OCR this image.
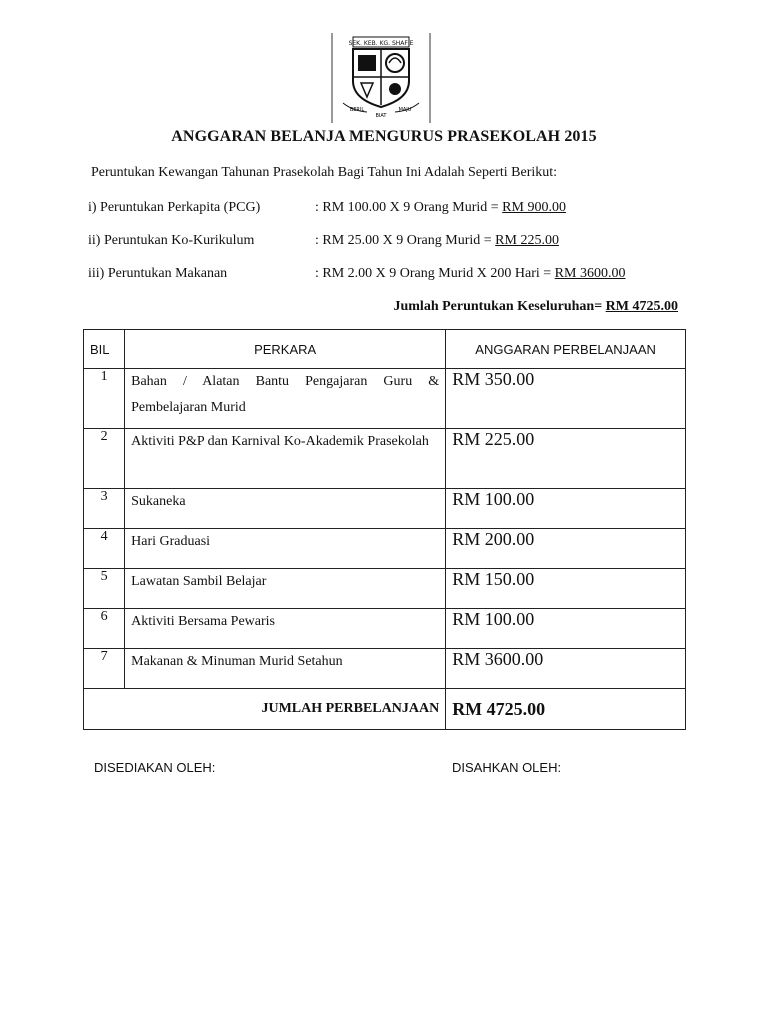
SEK. KEB. KG. SHAFIE
BERIL	MAJU
BIAT
ANGGARAN BELANJA MENGURUS PRASEKOLAH 2015
Peruntukan Kewangan Tahunan Prasekolah Bagi Tahun Ini Adalah Seperti Berikut:
i) Peruntukan Perkapita (PCG)	: RM 100.00 X 9 Orang Murid = RM 900.00
ii) Peruntukan Ko-Kurikulum	: RM 25.00 X 9 Orang Murid = RM 225.00
iii) Peruntukan Makanan	: RM 2.00 X 9 Orang Murid X 200 Hari = RM 3600.00
Jumlah Peruntukan Keseluruhan= RM 4725.00
BIL	PERKARA	ANGGARAN PERBELANJAAN
1	Bahan / Alatan Bantu Pengajaran Guru & Pembelajaran Murid	RM 350.00
2	Aktiviti P&P dan Karnival Ko-Akademik Prasekolah	RM 225.00
3	Sukaneka	RM 100.00
4	Hari Graduasi	RM 200.00
5	Lawatan Sambil Belajar	RM 150.00
6	Aktiviti Bersama Pewaris	RM 100.00
7	Makanan & Minuman Murid Setahun	RM 3600.00
JUMLAH PERBELANJAAN		RM 4725.00
DISEDIAKAN OLEH:	DISAHKAN OLEH:
